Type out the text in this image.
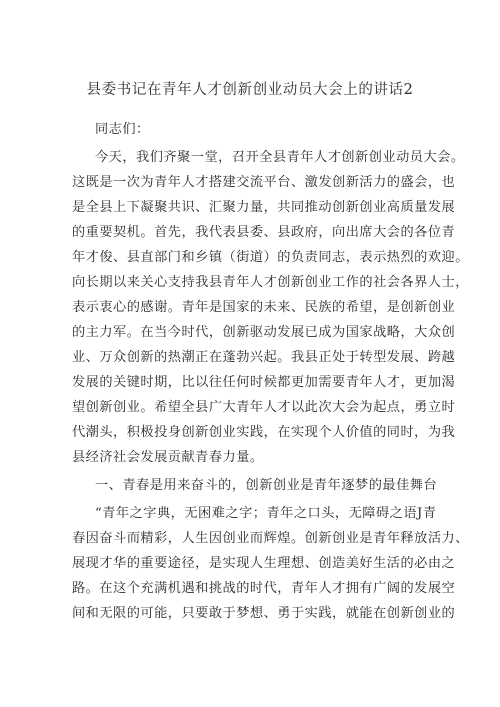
县委书记在青年人才创新创业动员大会上的讲话2

同志们：

今天，我们齐聚一堂，召开全县青年人才创新创业动员大会。

这既是一次为青年人才搭建交流平台、激发创新活力的盛会，也

是全县上下凝聚共识、汇聚力量，共同推动创新创业高质量发展

的重要契机。首先，我代表县委、县政府，向出席大会的各位青

年才俊、县直部门和乡镇（街道）的负责同志，表示热烈的欢迎。

向长期以来关心支持我县青年人才创新创业工作的社会各界人士，

表示衷心的感谢。青年是国家的未来、民族的希望，是创新创业

的主力军。在当今时代，创新驱动发展已成为国家战略，大众创

业、万众创新的热潮正在蓬勃兴起。我县正处于转型发展、跨越

发展的关键时期，比以往任何时候都更加需要青年人才，更加渴

望创新创业。希望全县广大青年人才以此次大会为起点，勇立时

代潮头，积极投身创新创业实践，在实现个人价值的同时，为我

县经济社会发展贡献青春力量。

一、青春是用来奋斗的，创新创业是青年逐梦的最佳舞台

“青年之字典，无困难之字；青年之口头，无障碍之语J青

春因奋斗而精彩，人生因创业而辉煌。创新创业是青年释放活力、

展现才华的重要途径，是实现人生理想、创造美好生活的必由之

路。在这个充满机遇和挑战的时代，青年人才拥有广阔的发展空

间和无限的可能，只要敢于梦想、勇于实践，就能在创新创业的
